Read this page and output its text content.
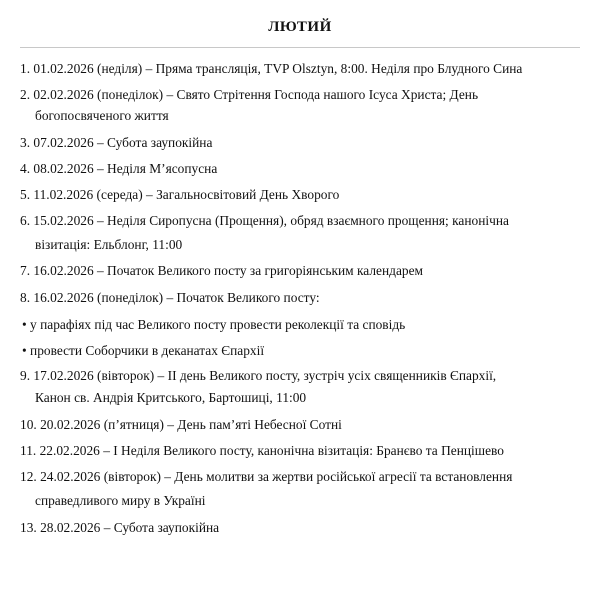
ЛЮТИЙ
1. 01.02.2026 (неділя) – Пряма трансляція, TVP Olsztyn, 8:00. Неділя про Блудного Сина
2. 02.02.2026 (понеділок) – Свято Стрітення Господа нашого Ісуса Христа; День
богопосвяченого життя
3. 07.02.2026 – Субота заупокійна
4. 08.02.2026 – Неділя М’ясопусна
5. 11.02.2026 (середа) – Загальносвітовий День Хворого
6. 15.02.2026 – Неділя Сиропусна (Прощення), обряд взаємного прощення; канонічна
візитація: Ельблонг, 11:00
7. 16.02.2026 – Початок Великого посту за григоріянським календарем
8. 16.02.2026 (понеділок) – Початок Великого посту:
• у парафіях під час Великого посту провести реколекції та сповідь
• провести Соборчики в деканатах Єпархії
9. 17.02.2026 (вівторок) – ІІ день Великого посту, зустріч усіх священників Єпархії,
Канон св. Андрія Критського, Бартошиці, 11:00
10. 20.02.2026 (п’ятниця) – День пам’яті Небесної Сотні
11. 22.02.2026 – І Неділя Великого посту, канонічна візитація: Бранєво та Пенцішево
12. 24.02.2026 (вівторок) – День молитви за жертви російської агресії та встановлення
справедливого миру в Україні
13. 28.02.2026 – Субота заупокійна
